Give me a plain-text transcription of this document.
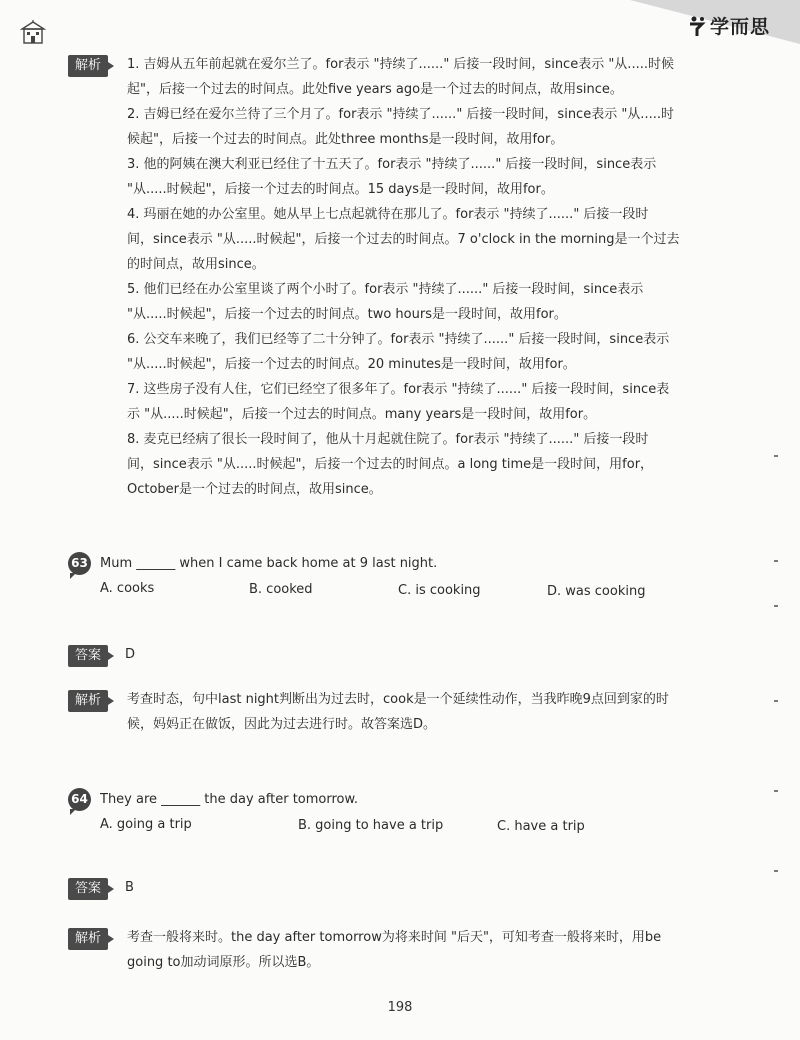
学而思
解析	1. 吉姆从五年前起就在爱尔兰了。for表示 "持续了......" 后接一段时间，since表示 "从.....时候

起"，后接一个过去的时间点。此处five years ago是一个过去的时间点，故用since。

2. 吉姆已经在爱尔兰待了三个月了。for表示 "持续了......" 后接一段时间，since表示 "从.....时

候起"，后接一个过去的时间点。此处three months是一段时间，故用for。

3. 他的阿姨在澳大利亚已经住了十五天了。for表示 "持续了......" 后接一段时间，since表示

"从.....时候起"，后接一个过去的时间点。15 days是一段时间，故用for。

4. 玛丽在她的办公室里。她从早上七点起就待在那儿了。for表示 "持续了......" 后接一段时

间，since表示 "从.....时候起"，后接一个过去的时间点。7 o'clock in the morning是一个过去

的时间点，故用since。

5. 他们已经在办公室里谈了两个小时了。for表示 "持续了......" 后接一段时间，since表示

"从.....时候起"，后接一个过去的时间点。two hours是一段时间，故用for。

6. 公交车来晚了，我们已经等了二十分钟了。for表示 "持续了......" 后接一段时间，since表示

"从.....时候起"，后接一个过去的时间点。20 minutes是一段时间，故用for。

7. 这些房子没有人住，它们已经空了很多年了。for表示 "持续了......" 后接一段时间，since表

示 "从.....时候起"，后接一个过去的时间点。many years是一段时间，故用for。

8. 麦克已经病了很长一段时间了，他从十月起就住院了。for表示 "持续了......" 后接一段时

间，since表示 "从.....时候起"，后接一个过去的时间点。a long time是一段时间，用for，

October是一个过去的时间点，故用since。

63 Mum ______ when I came back home at 9 last night.
A. cooks	B. cooked	C. is cooking	D. was cooking
答案	D
解析	考查时态，句中last night判断出为过去时，cook是一个延续性动作，当我昨晚9点回到家的时

候，妈妈正在做饭，因此为过去进行时。故答案选D。

64 They are ______ the day after tomorrow.
A. going a trip	B. going to have a trip	C. have a trip
答案	B
解析	考查一般将来时。the day after tomorrow为将来时间 "后天"，可知考查一般将来时，用be

going to加动词原形。所以选B。

198
